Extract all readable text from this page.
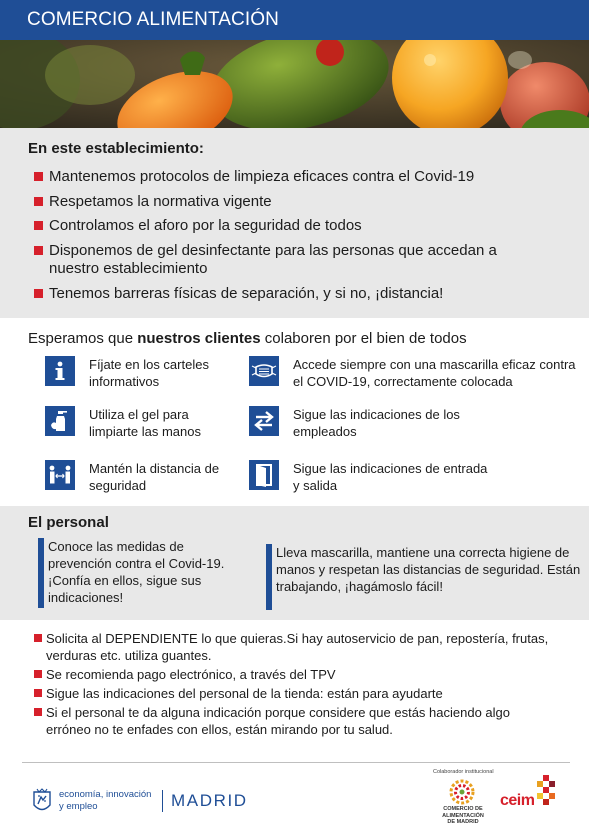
COMERCIO ALIMENTACIÓN
En este establecimiento:
Mantenemos protocolos de limpieza eficaces contra el Covid-19
Respetamos la normativa vigente
Controlamos el aforo por la seguridad de todos
Disponemos de gel desinfectante para las personas que accedan a nuestro establecimiento
Tenemos barreras físicas de separación, y si no, ¡distancia!
Esperamos que nuestros clientes colaboren por el bien de todos
Fíjate en los carteles informativos
Accede siempre con una mascarilla eficaz contra el COVID-19, correctamente colocada
Utiliza el gel para limpiarte las manos
Sigue las indicaciones de los empleados
Mantén la distancia de seguridad
Sigue las indicaciones de entrada y salida
El personal
Conoce las medidas de prevención contra el Covid-19. ¡Confía en ellos, sigue sus indicaciones!
Lleva mascarilla, mantiene una correcta higiene de manos y respetan las distancias de seguridad. Están trabajando, ¡hagámoslo fácil!
Solicita al DEPENDIENTE lo que quieras.Si hay autoservicio de pan, repostería, frutas, verduras etc. utiliza guantes.
Se recomienda pago electrónico, a través del TPV
Sigue las indicaciones del personal de la tienda: están para ayudarte
Si el personal te da alguna indicación porque considere que estás haciendo algo erróneo no te enfades con ellos, están mirando por tu salud.
economía, innovación
y empleo	MADRID
Colaborador institucional
COMERCIO DE ALIMENTACIÓN DE MADRID
ceim
